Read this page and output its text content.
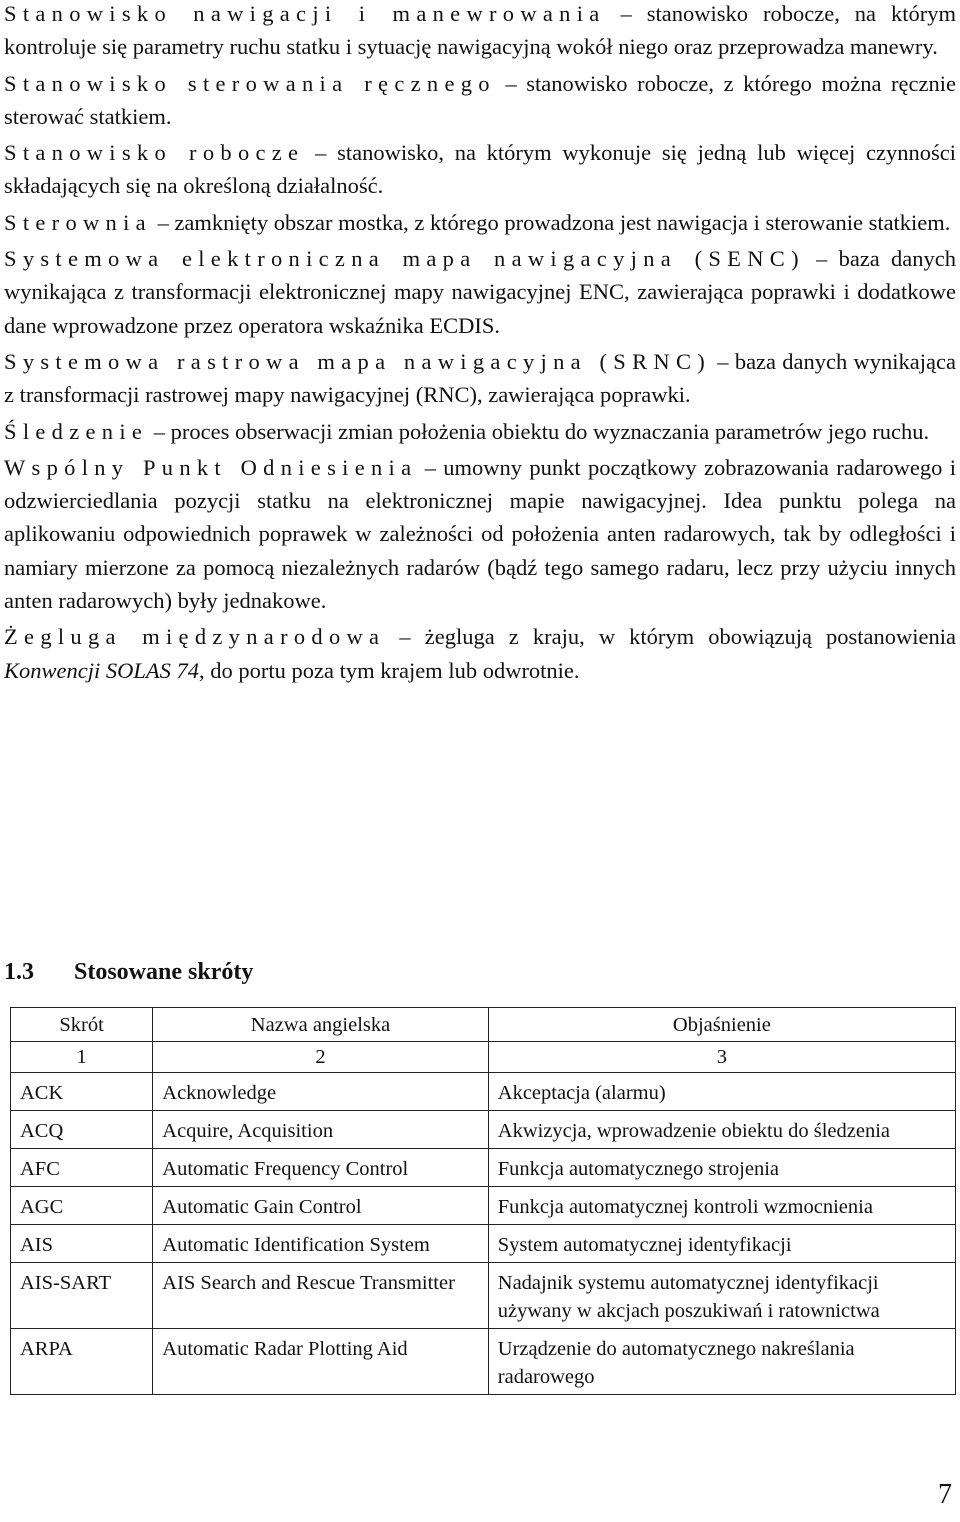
Stanowisko nawigacji i manewrowania – stanowisko robocze, na którym kontroluje się parametry ruchu statku i sytuację nawigacyjną wokół niego oraz przeprowadza manewry.

Stanowisko sterowania ręcznego – stanowisko robocze, z którego można ręcznie sterować statkiem.

Stanowisko robocze – stanowisko, na którym wykonuje się jedną lub więcej czynności składających się na określoną działalność.

Sterownia – zamknięty obszar mostka, z którego prowadzona jest nawigacja i sterowanie statkiem.

Systemowa elektroniczna mapa nawigacyjna (SENC) – baza danych wynikająca z transformacji elektronicznej mapy nawigacyjnej ENC, zawierająca poprawki i dodatkowe dane wprowadzone przez operatora wskaźnika ECDIS.

Systemowa rastrowa mapa nawigacyjna (SRNC) – baza danych wynikająca z transformacji rastrowej mapy nawigacyjnej (RNC), zawierająca poprawki.

Śledzenie – proces obserwacji zmian położenia obiektu do wyznaczania parametrów jego ruchu.

Wspólny Punkt Odniesienia – umowny punkt początkowy zobrazowania radarowego i odzwierciedlania pozycji statku na elektronicznej mapie nawigacyjnej. Idea punktu polega na aplikowaniu odpowiednich poprawek w zależności od położenia anten radarowych, tak by odległości i namiary mierzone za pomocą niezależnych radarów (bądź tego samego radaru, lecz przy użyciu innych anten radarowych) były jednakowe.

Żegluga międzynarodowa – żegluga z kraju, w którym obowiązują postanowienia Konwencji SOLAS 74, do portu poza tym krajem lub odwrotnie.

1.3 Stosowane skróty
Skrót	Nazwa angielska	Objaśnienie
1	2	3
ACK	Acknowledge	Akceptacja (alarmu)
ACQ	Acquire, Acquisition	Akwizycja, wprowadzenie obiektu do śledzenia
AFC	Automatic Frequency Control	Funkcja automatycznego strojenia
AGC	Automatic Gain Control	Funkcja automatycznej kontroli wzmocnienia
AIS	Automatic Identification System	System automatycznej identyfikacji
AIS-SART	AIS Search and Rescue Transmitter	Nadajnik systemu automatycznej identyfikacji używany w akcjach poszukiwań i ratownictwa
ARPA	Automatic Radar Plotting Aid	Urządzenie do automatycznego nakreślania radarowego
7
